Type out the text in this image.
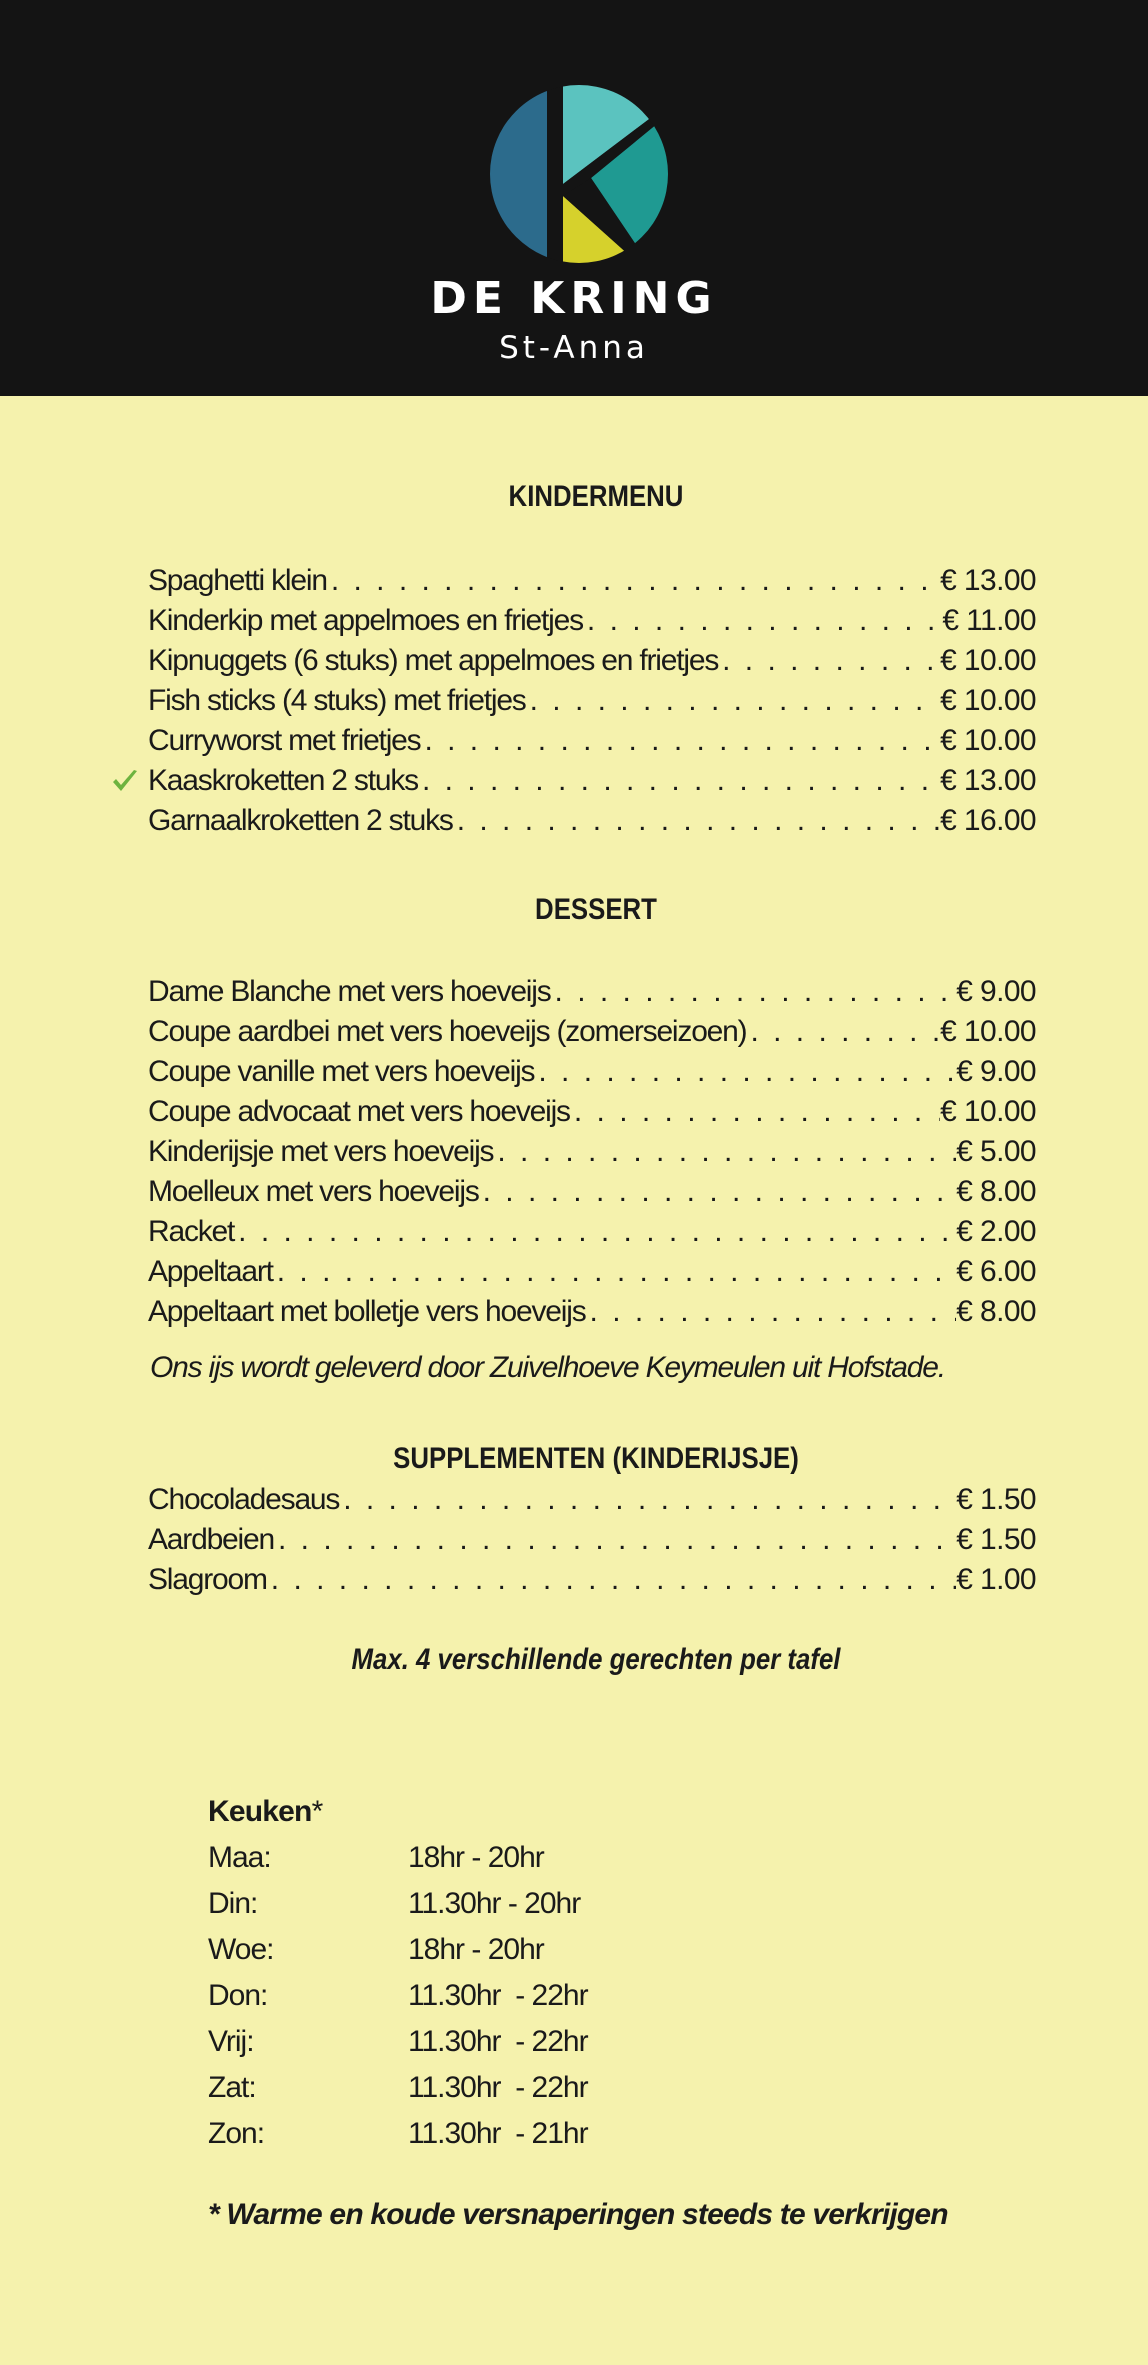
DE KRING
St-Anna
KINDERMENU
Spaghetti klein . . .	€ 13.00
Kinderkip met appelmoes en frietjes . . .	€ 11.00
Kipnuggets (6 stuks) met appelmoes en frietjes . . .	€ 10.00
Fish sticks (4 stuks) met frietjes . . .	€ 10.00
Curryworst met frietjes . . .	€ 10.00
Kaaskroketten 2 stuks . . .	€ 13.00
Garnaalkroketten 2 stuks . . .	€ 16.00
DESSERT
Dame Blanche met vers hoeveijs . . .	€ 9.00
Coupe aardbei met vers hoeveijs (zomerseizoen) . . .	€ 10.00
Coupe vanille met vers hoeveijs . . .	€ 9.00
Coupe advocaat met vers hoeveijs . . .	€ 10.00
Kinderijsje met vers hoeveijs . . .	€ 5.00
Moelleux met vers hoeveijs . . .	€ 8.00
Racket . . .	€ 2.00
Appeltaart . . .	€ 6.00
Appeltaart met bolletje vers hoeveijs . . .	€ 8.00
Ons ijs wordt geleverd door Zuivelhoeve Keymeulen uit Hofstade.
SUPPLEMENTEN (KINDERIJSJE)
Chocoladesaus . . .	€ 1.50
Aardbeien . . .	€ 1.50
Slagroom . . .	€ 1.00
Max. 4 verschillende gerechten per tafel
Keuken*
Maa:	18hr - 20hr
Din:	11.30hr - 20hr
Woe:	18hr - 20hr
Don:	11.30hr  - 22hr
Vrij:	11.30hr  - 22hr
Zat:	11.30hr  - 22hr
Zon:	11.30hr  - 21hr
* Warme en koude versnaperingen steeds te verkrijgen
